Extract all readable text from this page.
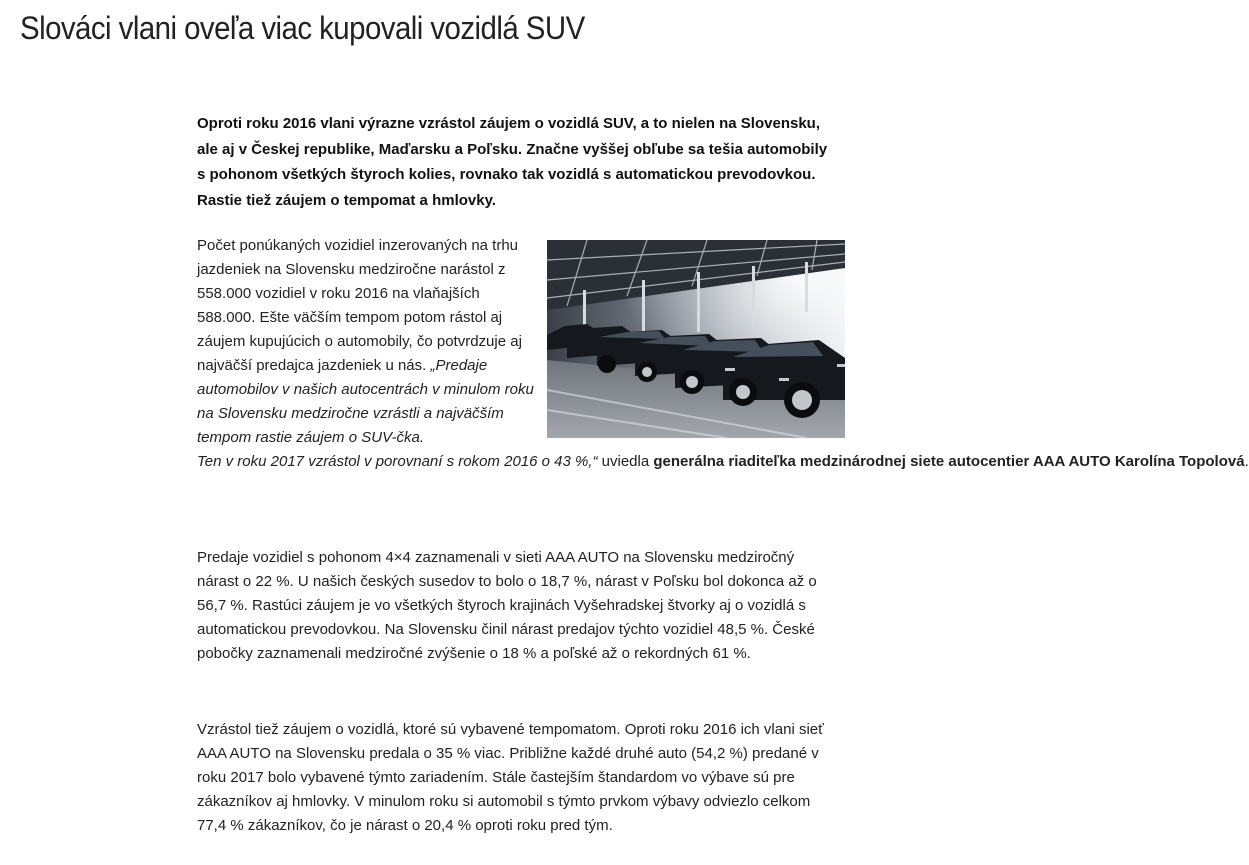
Slováci vlani oveľa viac kupovali vozidlá SUV

Oproti roku 2016 vlani výrazne vzrástol záujem o vozidlá SUV, a to nielen na Slovensku, ale aj v Českej republike, Maďarsku a Poľsku. Značne vyššej obľube sa tešia automobily s pohonom všetkých štyroch kolies, rovnako tak vozidlá s automatickou prevodovkou. Rastie tiež záujem o tempomat a hmlovky.

Počet ponúkaných vozidiel inzerovaných na trhu jazdeniek na Slovensku medziročne narástol z 558.000 vozidiel v roku 2016 na vlaňajších 588.000. Ešte väčším tempom potom rástol aj záujem kupujúcich o automobily, čo potvrdzuje aj najväčší predajca jazdeniek u nás. „Predaje automobilov v našich autocentrách v minulom roku na Slovensku medziročne vzrástli a najväčším tempom rastie záujem o SUV-čka.
Ten v roku 2017 vzrástol v porovnaní s rokom 2016 o 43 %,“ uviedla generálna riaditeľka medzinárodnej siete autocentier AAA AUTO Karolína Topolová.

Predaje vozidiel s pohonom 4×4 zaznamenali v sieti AAA AUTO na Slovensku medziročný nárast o 22 %. U našich českých susedov to bolo o 18,7 %, nárast v Poľsku bol dokonca až o 56,7 %. Rastúci záujem je vo všetkých štyroch krajinách Vyšehradskej štvorky aj o vozidlá s automatickou prevodovkou. Na Slovensku činil nárast predajov týchto vozidiel 48,5 %. České pobočky zaznamenali medziročné zvýšenie o 18 % a poľské až o rekordných 61 %.

Vzrástol tiež záujem o vozidlá, ktoré sú vybavené tempomatom. Oproti roku 2016 ich vlani sieť AAA AUTO na Slovensku predala o 35 % viac. Približne každé druhé auto (54,2 %) predané v roku 2017 bolo vybavené týmto zariadením. Stále častejším štandardom vo výbave sú pre zákazníkov aj hmlovky. V minulom roku si automobil s týmto prvkom výbavy odviezlo celkom 77,4 % zákazníkov, čo je nárast o 20,4 % oproti roku pred tým.
